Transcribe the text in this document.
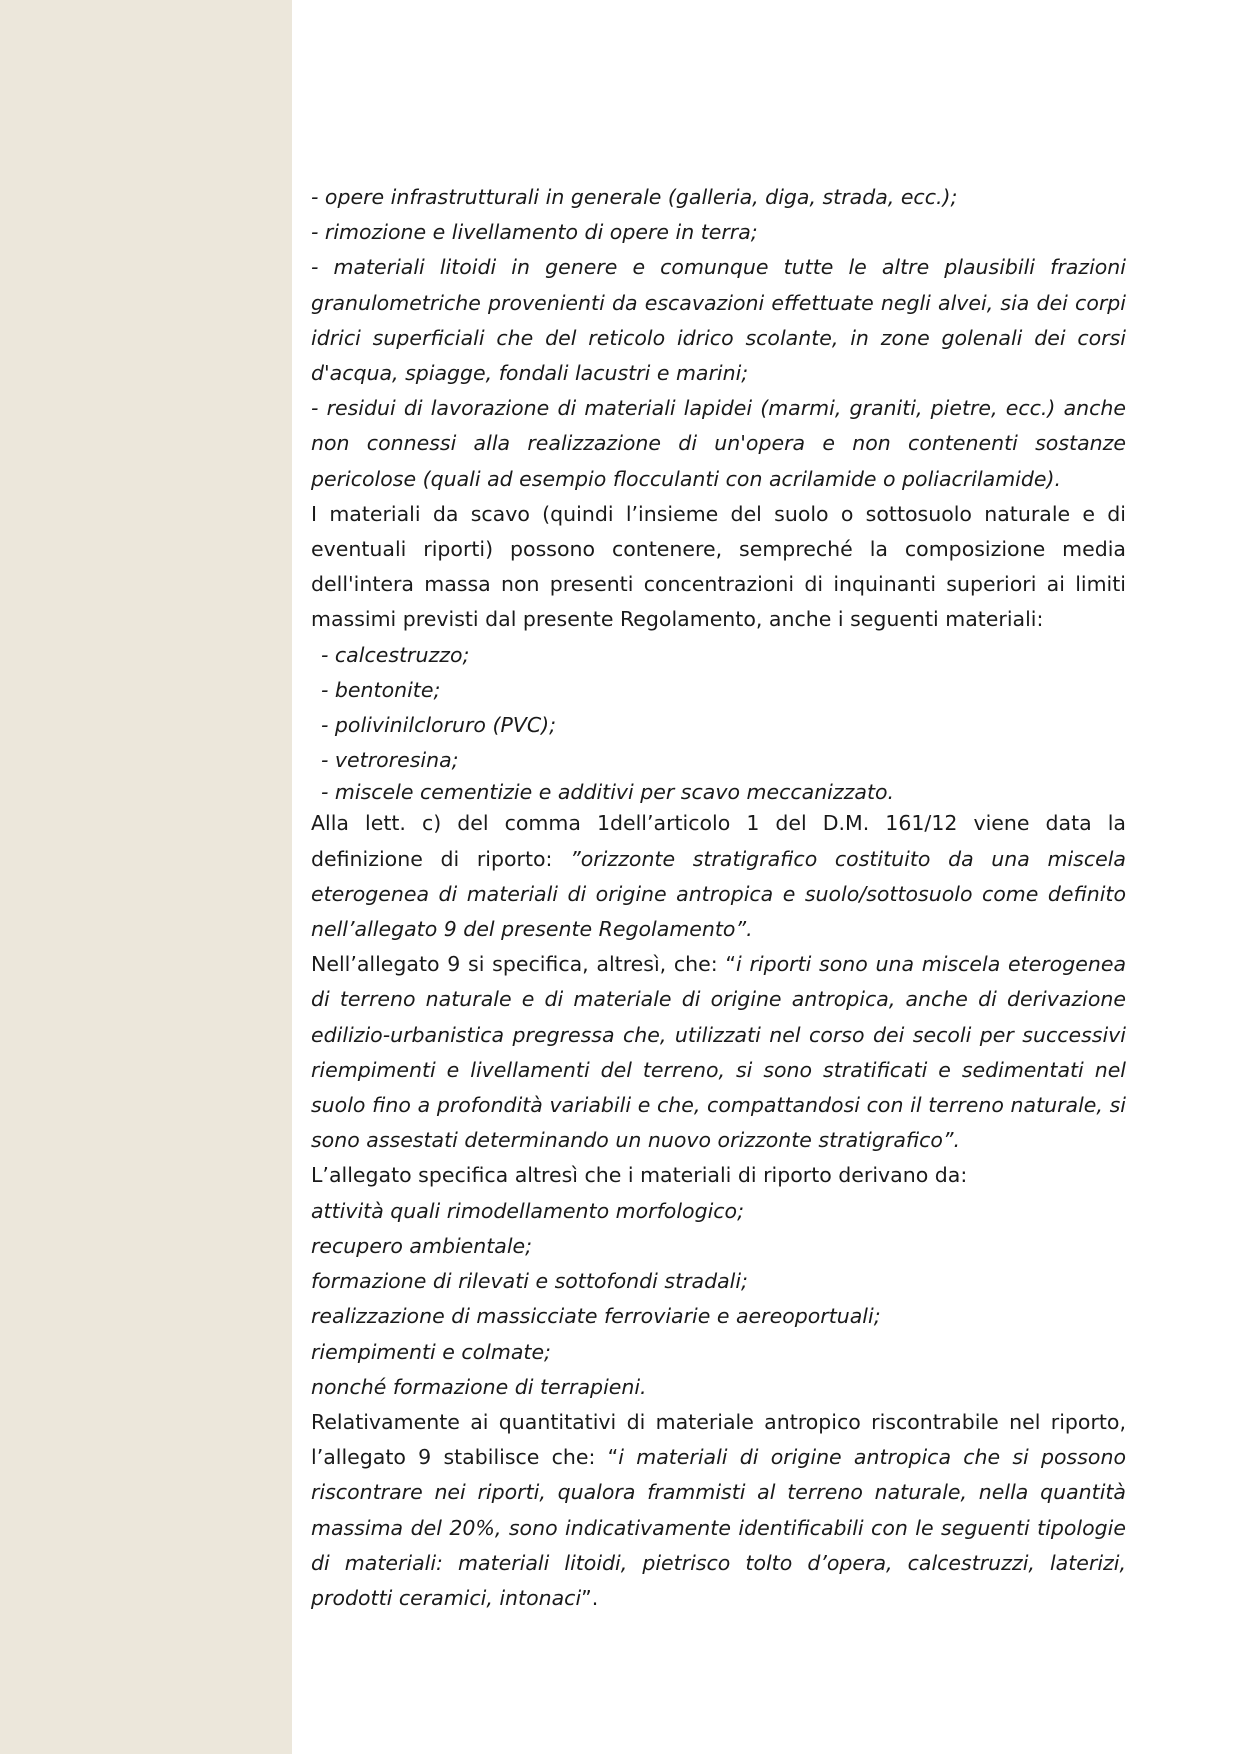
- opere infrastrutturali in generale (galleria, diga, strada, ecc.);

- rimozione e livellamento di opere in terra;

- materiali litoidi in genere e comunque tutte le altre plausibili frazioni granulometriche provenienti da escavazioni effettuate negli alvei, sia dei corpi idrici superficiali che del reticolo idrico scolante, in zone golenali dei corsi d'acqua, spiagge, fondali lacustri e marini;

- residui di lavorazione di materiali lapidei (marmi, graniti, pietre, ecc.) anche non connessi alla realizzazione di un'opera e non contenenti sostanze pericolose (quali ad esempio flocculanti con acrilamide o poliacrilamide).

I materiali da scavo (quindi l’insieme del suolo o sottosuolo naturale e di eventuali riporti) possono contenere, sempreché la composizione media dell'intera massa non presenti concentrazioni di inquinanti superiori ai limiti massimi previsti dal presente Regolamento, anche i seguenti materiali:

- calcestruzzo;

- bentonite;

- polivinilcloruro (PVC);

- vetroresina;

- miscele cementizie e additivi per scavo meccanizzato.

Alla lett. c) del comma 1dell’articolo 1 del D.M. 161/12 viene data la definizione di riporto: ”orizzonte stratigrafico costituito da una miscela eterogenea di materiali di origine antropica e suolo/sottosuolo come definito nell’allegato 9 del presente Regolamento”.

Nell’allegato 9 si specifica, altresì, che: “i riporti sono una miscela eterogenea di terreno naturale e di materiale di origine antropica, anche di derivazione edilizio-urbanistica pregressa che, utilizzati nel corso dei secoli per successivi riempimenti e livellamenti del terreno, si sono stratificati e sedimentati nel suolo fino a profondità variabili e che, compattandosi con il terreno naturale, si sono assestati determinando un nuovo orizzonte stratigrafico”.

L’allegato specifica altresì che i materiali di riporto derivano da:

attività quali rimodellamento morfologico;

recupero ambientale;

formazione di rilevati e sottofondi stradali;

realizzazione di massicciate ferroviarie e aereoportuali;

riempimenti e colmate;

nonché formazione di terrapieni.

Relativamente ai quantitativi di materiale antropico riscontrabile nel riporto, l’allegato 9 stabilisce che: “i materiali di origine antropica che si possono riscontrare nei riporti, qualora frammisti al terreno naturale, nella quantità massima del 20%, sono indicativamente identificabili con le seguenti tipologie di materiali: materiali litoidi, pietrisco tolto d’opera, calcestruzzi, laterizi, prodotti ceramici, intonaci”.
